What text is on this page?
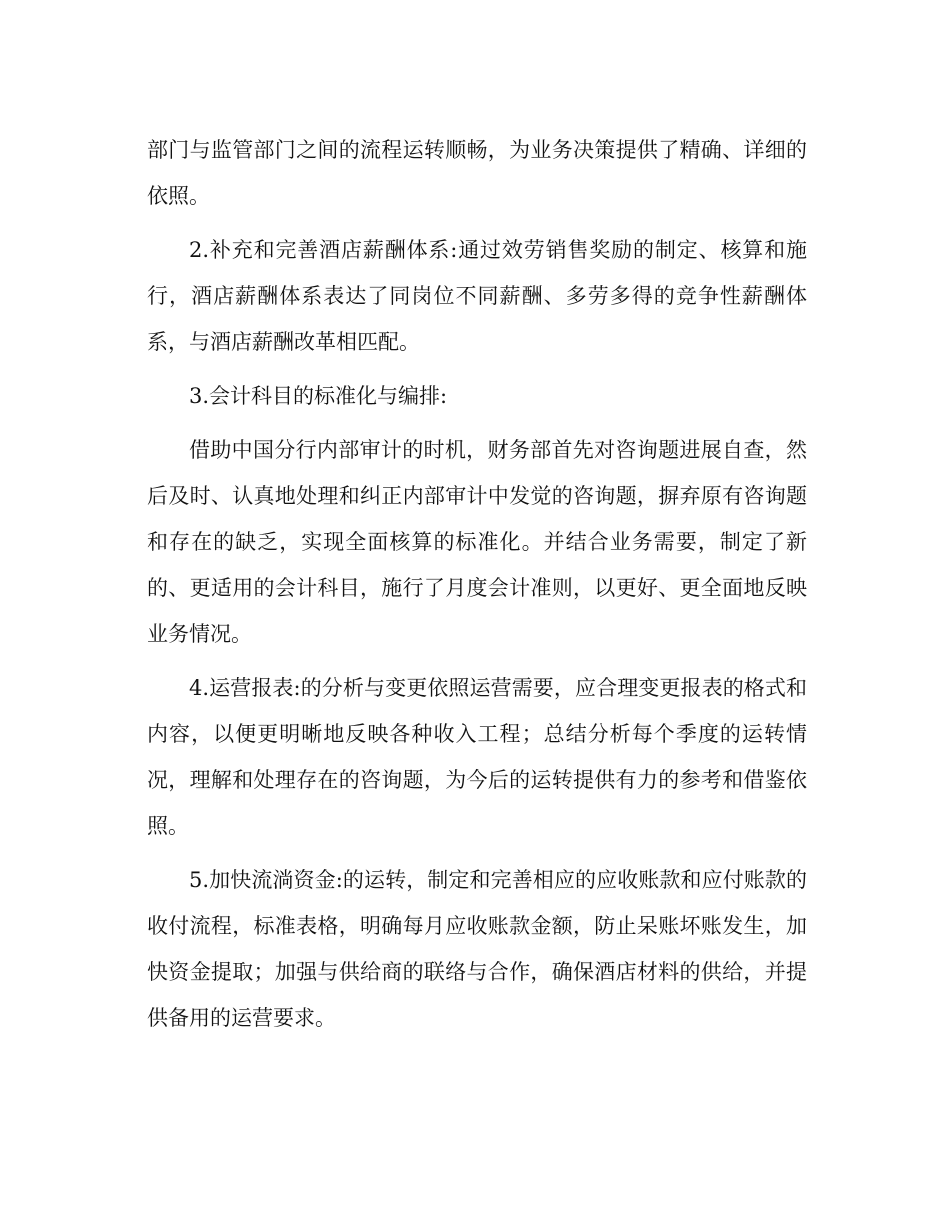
部门与监管部门之间的流程运转顺畅，为业务决策提供了精确、详细的依照。

2.补充和完善酒店薪酬体系:通过效劳销售奖励的制定、核算和施行，酒店薪酬体系表达了同岗位不同薪酬、多劳多得的竞争性薪酬体系，与酒店薪酬改革相匹配。

3.会计科目的标准化与编排:

借助中国分行内部审计的时机，财务部首先对咨询题进展自查，然后及时、认真地处理和纠正内部审计中发觉的咨询题，摒弃原有咨询题和存在的缺乏，实现全面核算的标准化。并结合业务需要，制定了新的、更适用的会计科目，施行了月度会计准则，以更好、更全面地反映业务情况。

4.运营报表:的分析与变更依照运营需要，应合理变更报表的格式和内容，以便更明晰地反映各种收入工程；总结分析每个季度的运转情况，理解和处理存在的咨询题，为今后的运转提供有力的参考和借鉴依照。

5.加快流淌资金:的运转，制定和完善相应的应收账款和应付账款的收付流程，标准表格，明确每月应收账款金额，防止呆账坏账发生，加快资金提取；加强与供给商的联络与合作，确保酒店材料的供给，并提供备用的运营要求。
